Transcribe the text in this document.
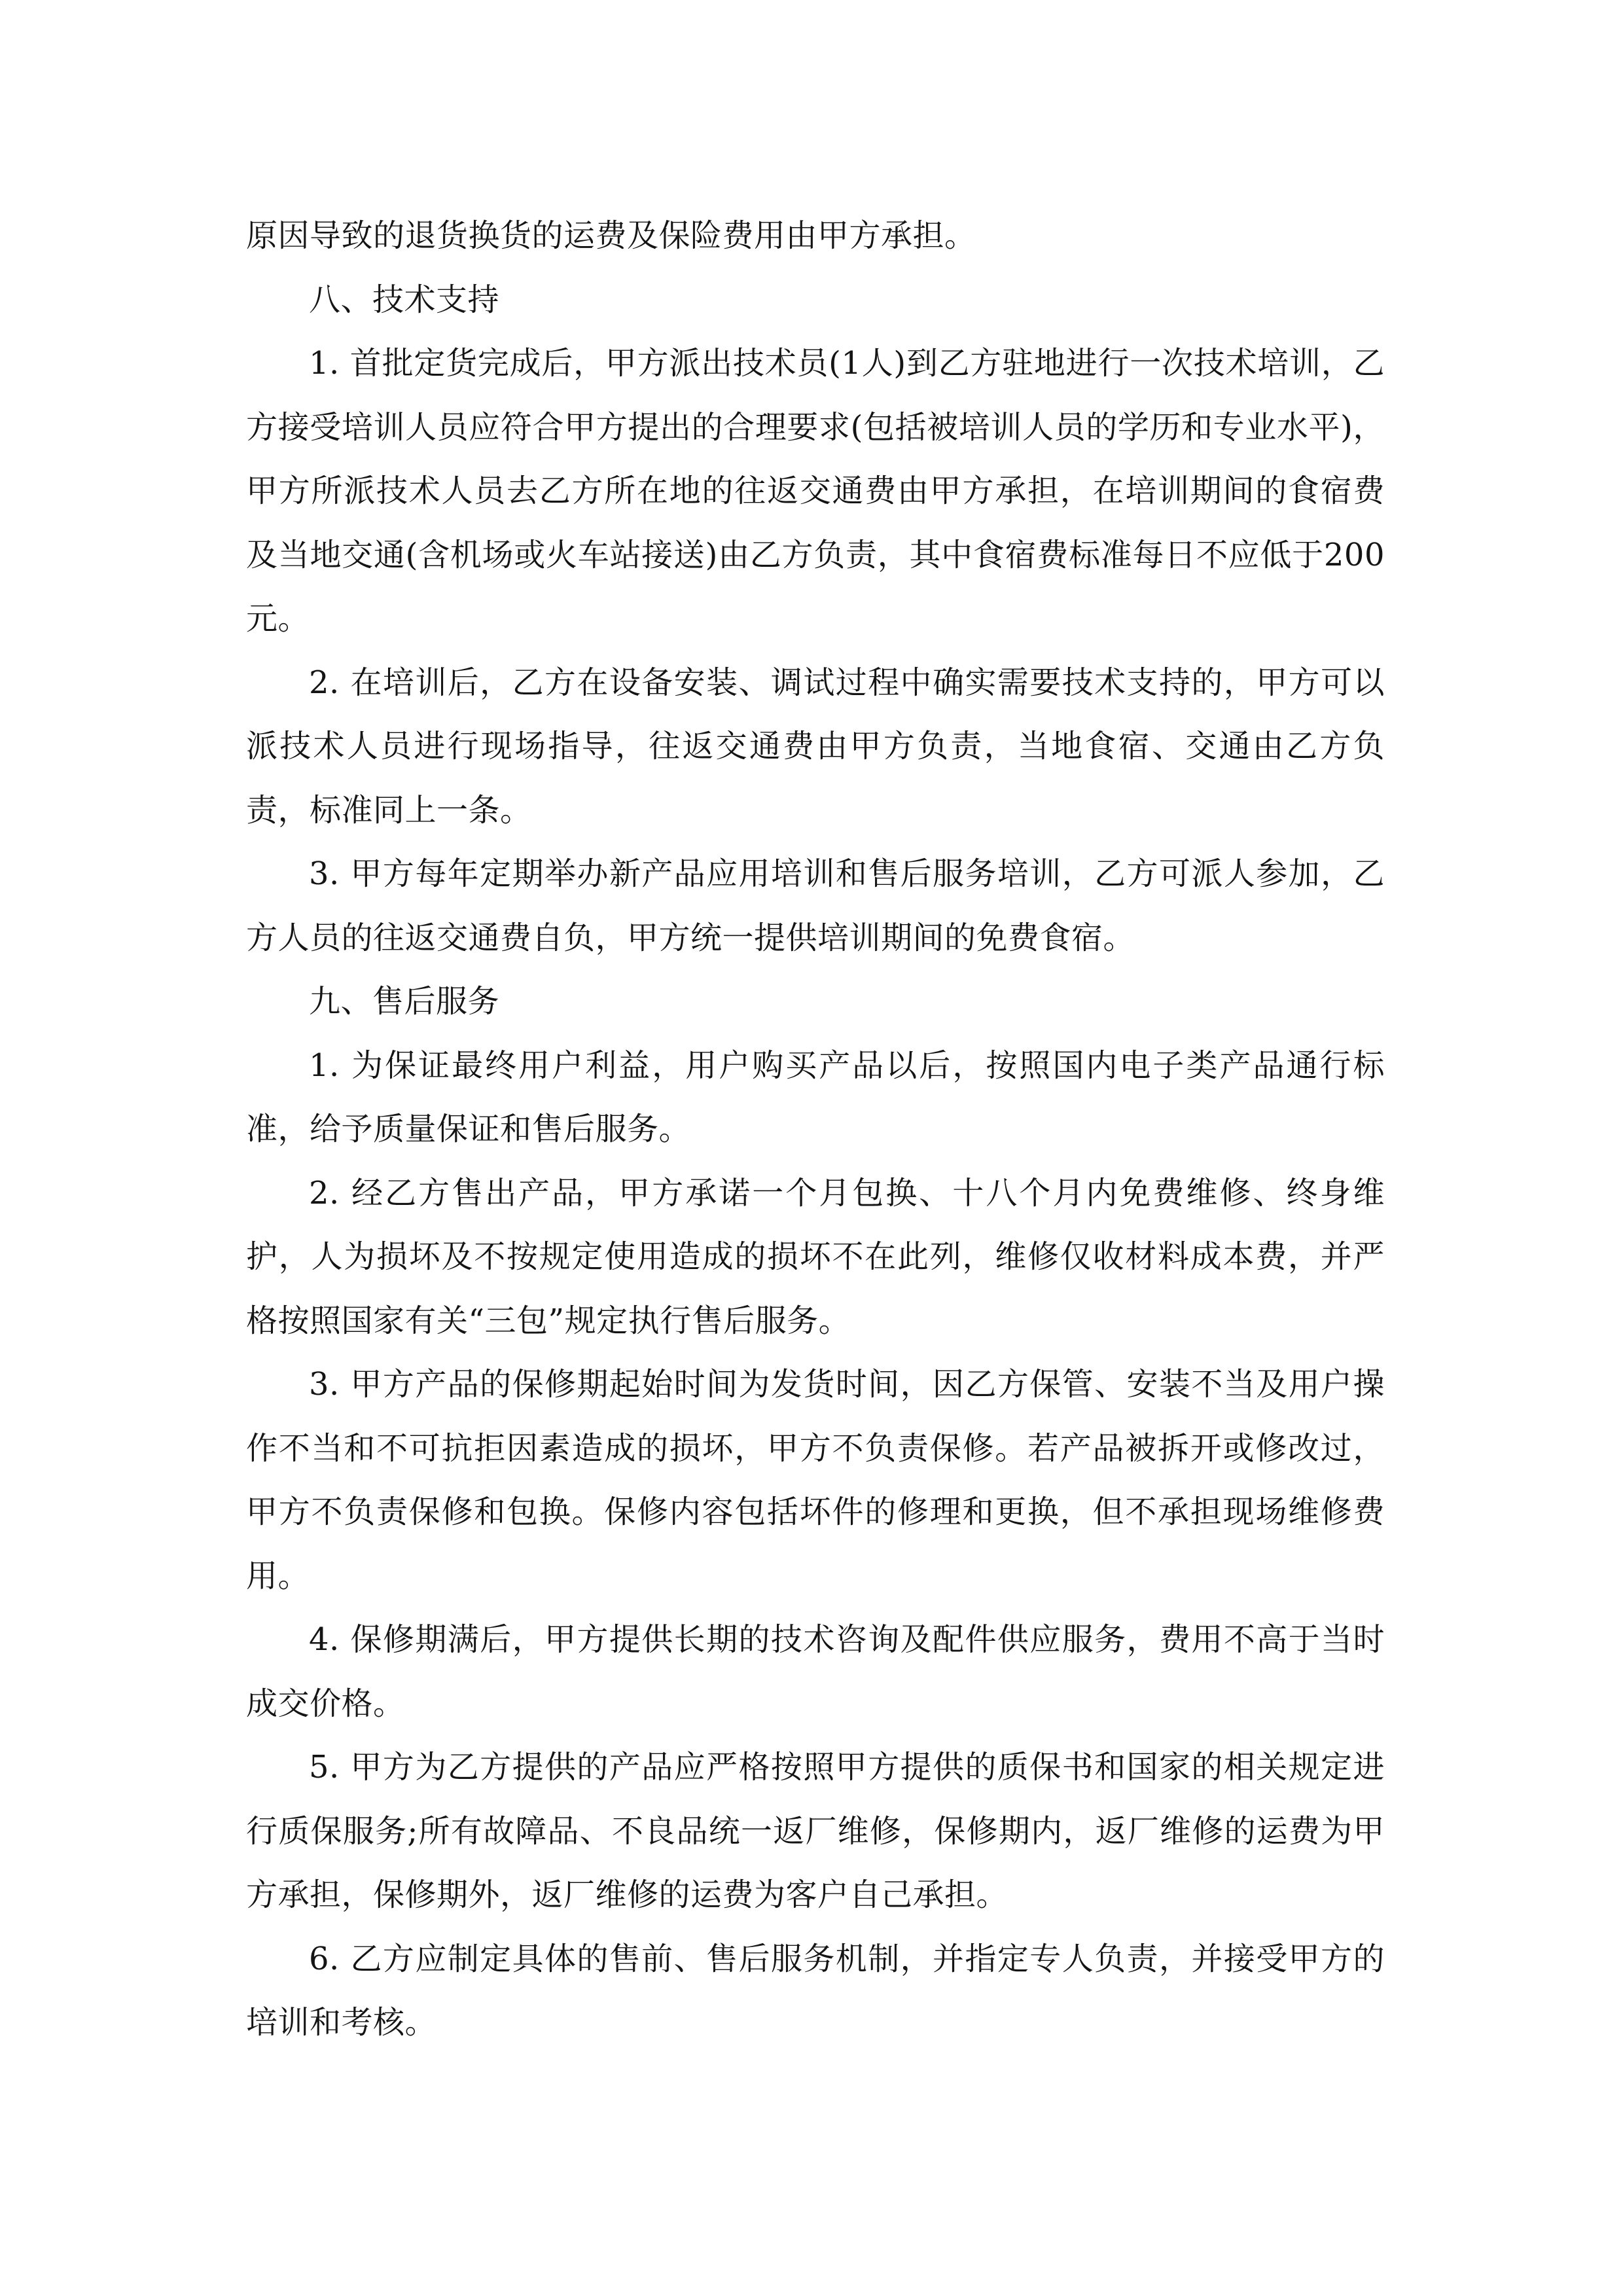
原因导致的退货换货的运费及保险费用由甲方承担。

八、技术支持

1. 首批定货完成后，甲方派出技术员(1人)到乙方驻地进行一次技术培训，乙方接受培训人员应符合甲方提出的合理要求(包括被培训人员的学历和专业水平)，甲方所派技术人员去乙方所在地的往返交通费由甲方承担，在培训期间的食宿费及当地交通(含机场或火车站接送)由乙方负责，其中食宿费标准每日不应低于200元。

2. 在培训后，乙方在设备安装、调试过程中确实需要技术支持的，甲方可以派技术人员进行现场指导，往返交通费由甲方负责，当地食宿、交通由乙方负责，标准同上一条。

3. 甲方每年定期举办新产品应用培训和售后服务培训，乙方可派人参加，乙方人员的往返交通费自负，甲方统一提供培训期间的免费食宿。

九、售后服务

1. 为保证最终用户利益，用户购买产品以后，按照国内电子类产品通行标准，给予质量保证和售后服务。

2. 经乙方售出产品，甲方承诺一个月包换、十八个月内免费维修、终身维护，人为损坏及不按规定使用造成的损坏不在此列，维修仅收材料成本费，并严格按照国家有关“三包”规定执行售后服务。

3. 甲方产品的保修期起始时间为发货时间，因乙方保管、安装不当及用户操作不当和不可抗拒因素造成的损坏，甲方不负责保修。若产品被拆开或修改过，甲方不负责保修和包换。保修内容包括坏件的修理和更换，但不承担现场维修费用。

4. 保修期满后，甲方提供长期的技术咨询及配件供应服务，费用不高于当时成交价格。

5. 甲方为乙方提供的产品应严格按照甲方提供的质保书和国家的相关规定进行质保服务;所有故障品、不良品统一返厂维修，保修期内，返厂维修的运费为甲方承担，保修期外，返厂维修的运费为客户自己承担。

6. 乙方应制定具体的售前、售后服务机制，并指定专人负责，并接受甲方的培训和考核。
